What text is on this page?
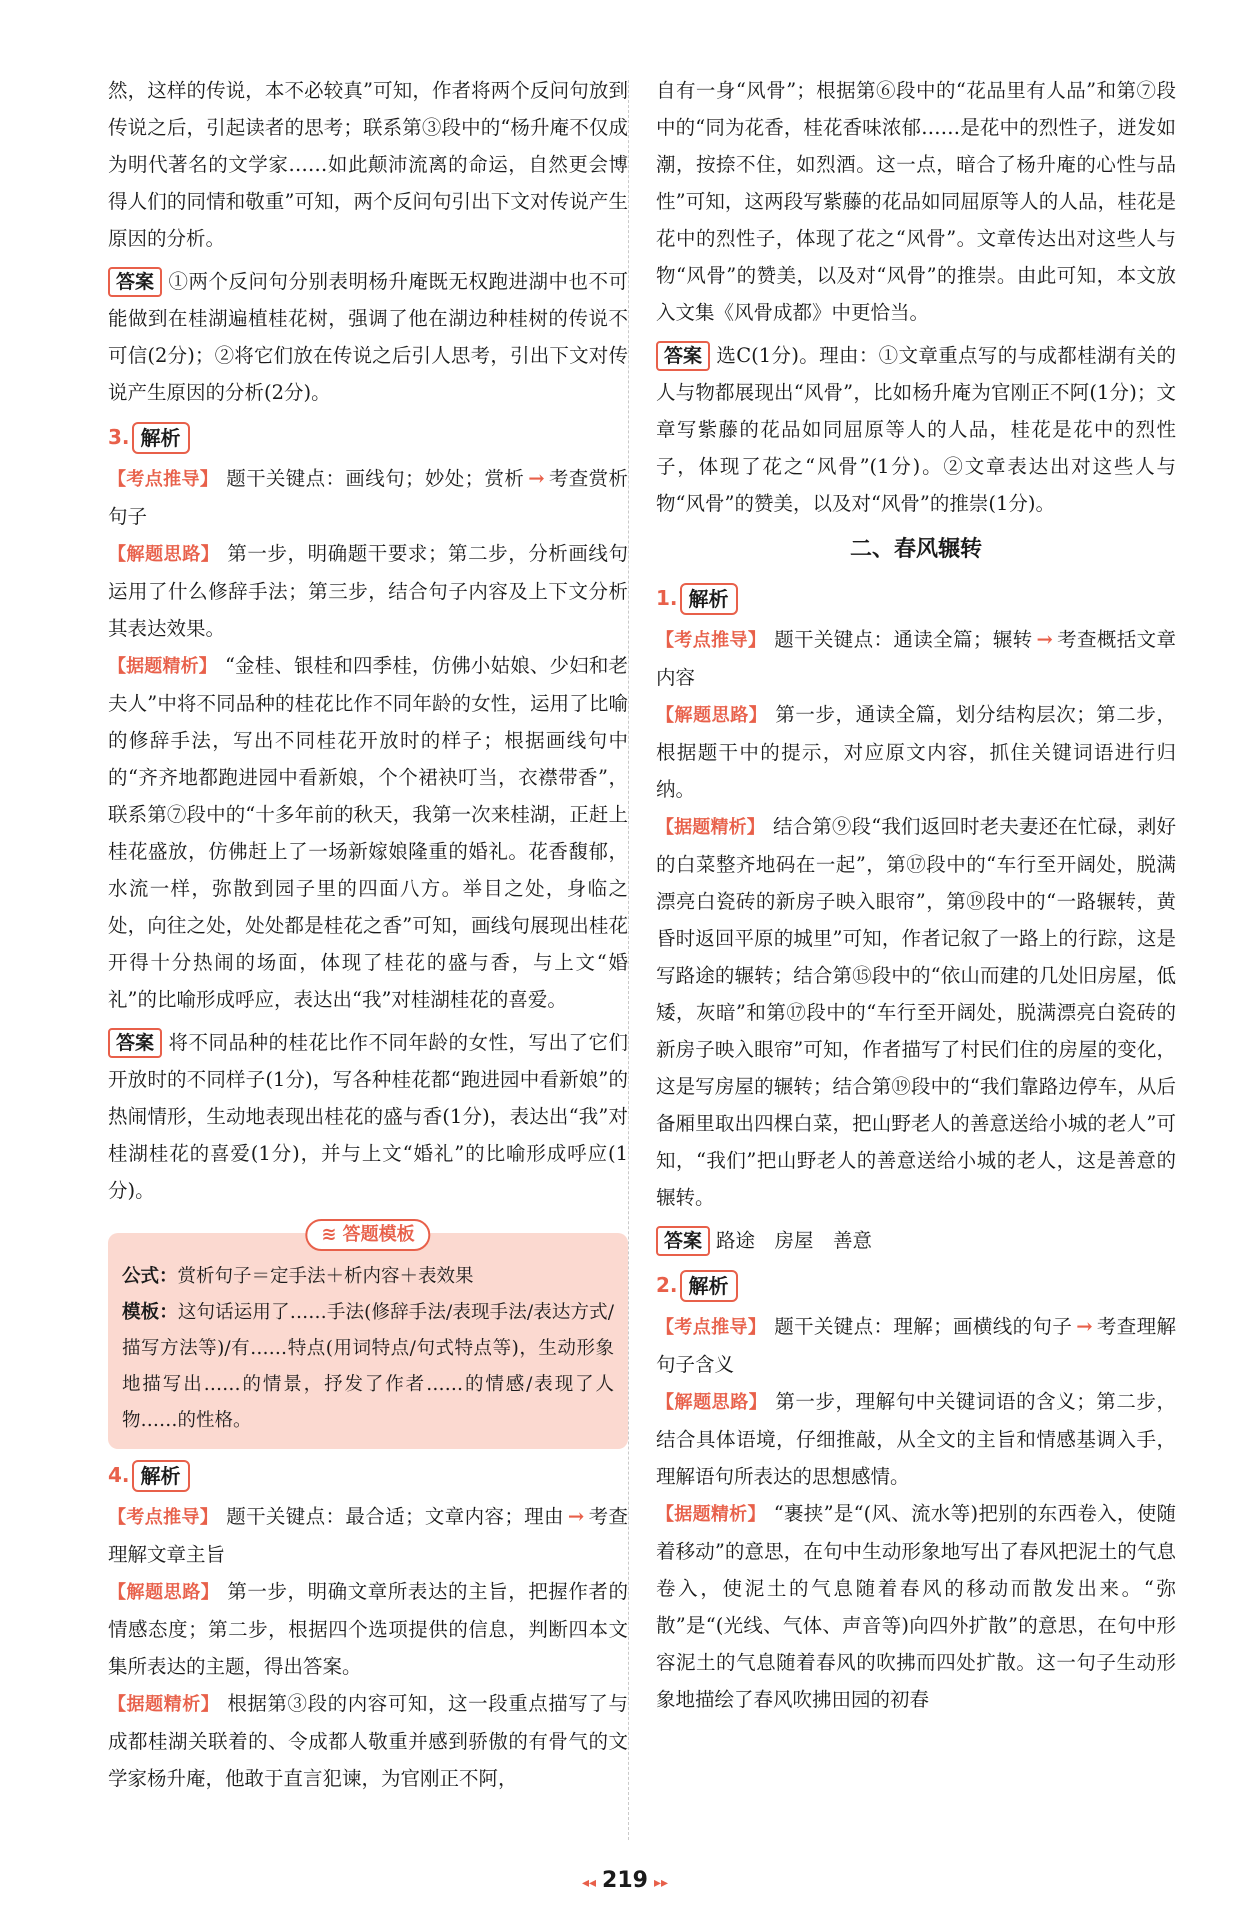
然，这样的传说，本不必较真”可知，作者将两个反问句放到传说之后，引起读者的思考；联系第③段中的“杨升庵不仅成为明代著名的文学家……如此颠沛流离的命运，自然更会博得人们的同情和敬重”可知，两个反问句引出下文对传说产生原因的分析。

答案 ①两个反问句分别表明杨升庵既无权跑进湖中也不可能做到在桂湖遍植桂花树，强调了他在湖边种桂树的传说不可信(2分)；②将它们放在传说之后引人思考，引出下文对传说产生原因的分析(2分)。

3. 解析

【考点推导】 题干关键点：画线句；妙处；赏析 → 考查赏析句子

【解题思路】 第一步，明确题干要求；第二步，分析画线句运用了什么修辞手法；第三步，结合句子内容及上下文分析其表达效果。

【据题精析】 “金桂、银桂和四季桂，仿佛小姑娘、少妇和老夫人”中将不同品种的桂花比作不同年龄的女性，运用了比喻的修辞手法，写出不同桂花开放时的样子；根据画线句中的“齐齐地都跑进园中看新娘，个个裙袂叮当，衣襟带香”，联系第⑦段中的“十多年前的秋天，我第一次来桂湖，正赶上桂花盛放，仿佛赶上了一场新嫁娘隆重的婚礼。花香馥郁，水流一样，弥散到园子里的四面八方。举目之处，身临之处，向往之处，处处都是桂花之香”可知，画线句展现出桂花开得十分热闹的场面，体现了桂花的盛与香，与上文“婚礼”的比喻形成呼应，表达出“我”对桂湖桂花的喜爱。

答案 将不同品种的桂花比作不同年龄的女性，写出了它们开放时的不同样子(1分)，写各种桂花都“跑进园中看新娘”的热闹情形，生动地表现出桂花的盛与香(1分)，表达出“我”对桂湖桂花的喜爱(1分)，并与上文“婚礼”的比喻形成呼应(1分)。

≋ 答题模板

公式：赏析句子＝定手法＋析内容＋表效果

模板：这句话运用了……手法(修辞手法/表现手法/表达方式/描写方法等)/有……特点(用词特点/句式特点等)，生动形象地描写出……的情景，抒发了作者……的情感/表现了人物……的性格。

4. 解析

【考点推导】 题干关键点：最合适；文章内容；理由 → 考查理解文章主旨

【解题思路】 第一步，明确文章所表达的主旨，把握作者的情感态度；第二步，根据四个选项提供的信息，判断四本文集所表达的主题，得出答案。

【据题精析】 根据第③段的内容可知，这一段重点描写了与成都桂湖关联着的、令成都人敬重并感到骄傲的有骨气的文学家杨升庵，他敢于直言犯谏，为官刚正不阿，

自有一身“风骨”；根据第⑥段中的“花品里有人品”和第⑦段中的“同为花香，桂花香味浓郁……是花中的烈性子，迸发如潮，按捺不住，如烈酒。这一点，暗合了杨升庵的心性与品性”可知，这两段写紫藤的花品如同屈原等人的人品，桂花是花中的烈性子，体现了花之“风骨”。文章传达出对这些人与物“风骨”的赞美，以及对“风骨”的推崇。由此可知，本文放入文集《风骨成都》中更恰当。

答案 选C(1分)。理由：①文章重点写的与成都桂湖有关的人与物都展现出“风骨”，比如杨升庵为官刚正不阿(1分)；文章写紫藤的花品如同屈原等人的人品，桂花是花中的烈性子，体现了花之“风骨”(1分)。②文章表达出对这些人与物“风骨”的赞美，以及对“风骨”的推崇(1分)。

二、春风辗转
1. 解析

【考点推导】 题干关键点：通读全篇；辗转 → 考查概括文章内容

【解题思路】 第一步，通读全篇，划分结构层次；第二步，根据题干中的提示，对应原文内容，抓住关键词语进行归纳。

【据题精析】 结合第⑨段“我们返回时老夫妻还在忙碌，剥好的白菜整齐地码在一起”，第⑰段中的“车行至开阔处，脱满漂亮白瓷砖的新房子映入眼帘”，第⑲段中的“一路辗转，黄昏时返回平原的城里”可知，作者记叙了一路上的行踪，这是写路途的辗转；结合第⑮段中的“依山而建的几处旧房屋，低矮，灰暗”和第⑰段中的“车行至开阔处，脱满漂亮白瓷砖的新房子映入眼帘”可知，作者描写了村民们住的房屋的变化，这是写房屋的辗转；结合第⑲段中的“我们靠路边停车，从后备厢里取出四棵白菜，把山野老人的善意送给小城的老人”可知，“我们”把山野老人的善意送给小城的老人，这是善意的辗转。

答案 路途　房屋　善意

2. 解析

【考点推导】 题干关键点：理解；画横线的句子 → 考查理解句子含义

【解题思路】 第一步，理解句中关键词语的含义；第二步，结合具体语境，仔细推敲，从全文的主旨和情感基调入手，理解语句所表达的思想感情。

【据题精析】 “裹挟”是“(风、流水等)把别的东西卷入，使随着移动”的意思，在句中生动形象地写出了春风把泥土的气息卷入，使泥土的气息随着春风的移动而散发出来。“弥散”是“(光线、气体、声音等)向四外扩散”的意思，在句中形容泥土的气息随着春风的吹拂而四处扩散。这一句子生动形象地描绘了春风吹拂田园的初春

◂◂ 219 ▸▸
